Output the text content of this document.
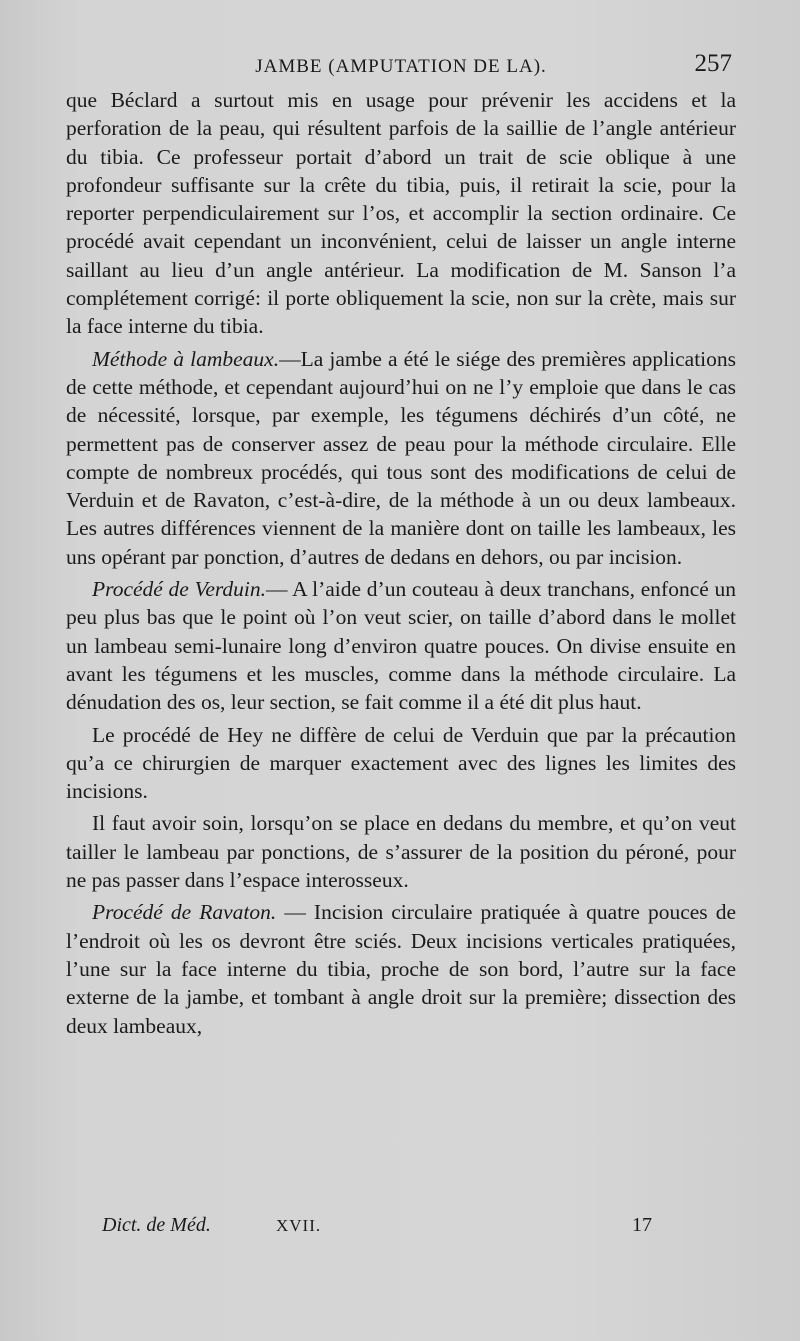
JAMBE (AMPUTATION DE LA).	257

que Béclard a surtout mis en usage pour prévenir les accidens et la perforation de la peau, qui résultent parfois de la saillie de l’angle antérieur du tibia. Ce professeur portait d’abord un trait de scie oblique à une profondeur suffisante sur la crête du tibia, puis, il retirait la scie, pour la reporter perpendiculairement sur l’os, et accomplir la section ordinaire. Ce procédé avait cependant un inconvénient, celui de laisser un angle interne saillant au lieu d’un angle antérieur. La modification de M. Sanson l’a complétement corrigé: il porte obliquement la scie, non sur la crète, mais sur la face interne du tibia.

Méthode à lambeaux.—La jambe a été le siége des premières applications de cette méthode, et cependant aujourd’hui on ne l’y emploie que dans le cas de nécessité, lorsque, par exemple, les tégumens déchirés d’un côté, ne permettent pas de conserver assez de peau pour la méthode circulaire. Elle compte de nombreux procédés, qui tous sont des modifications de celui de Verduin et de Ravaton, c’est-à-dire, de la méthode à un ou deux lambeaux. Les autres différences viennent de la manière dont on taille les lambeaux, les uns opérant par ponction, d’autres de dedans en dehors, ou par incision.

Procédé de Verduin.— A l’aide d’un couteau à deux tranchans, enfoncé un peu plus bas que le point où l’on veut scier, on taille d’abord dans le mollet un lambeau semi-lunaire long d’environ quatre pouces. On divise ensuite en avant les tégumens et les muscles, comme dans la méthode circulaire. La dénudation des os, leur section, se fait comme il a été dit plus haut.

Le procédé de Hey ne diffère de celui de Verduin que par la précaution qu’a ce chirurgien de marquer exactement avec des lignes les limites des incisions.

Il faut avoir soin, lorsqu’on se place en dedans du membre, et qu’on veut tailler le lambeau par ponctions, de s’assurer de la position du péroné, pour ne pas passer dans l’espace interosseux.

Procédé de Ravaton. — Incision circulaire pratiquée à quatre pouces de l’endroit où les os devront être sciés. Deux incisions verticales pratiquées, l’une sur la face interne du tibia, proche de son bord, l’autre sur la face externe de la jambe, et tombant à angle droit sur la première; dissection des deux lambeaux,

Dict. de Méd.	XVII.	17
